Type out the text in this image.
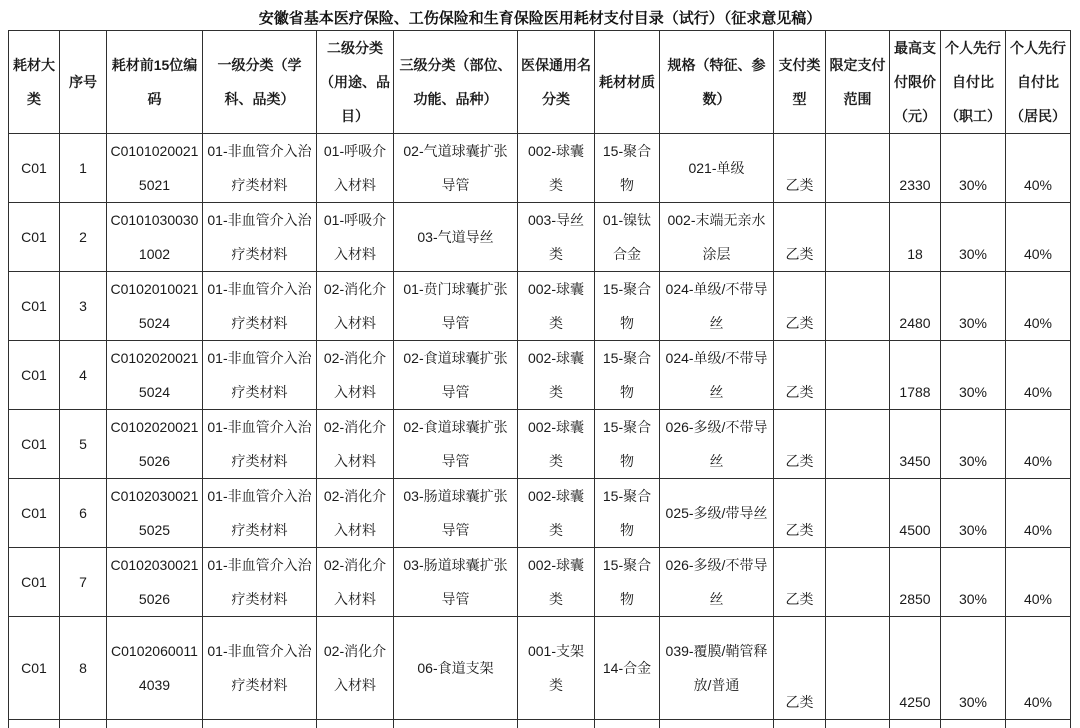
安徽省基本医疗保险、工伤保险和生育保险医用耗材支付目录（试行）（征求意见稿）
耗材大类	序号	耗材前15位编码	一级分类（学科、品类）	二级分类（用途、品目）	三级分类（部位、功能、品种）	医保通用名分类	耗材材质	规格（特征、参数）	支付类型	限定支付范围	最高支付限价（元）	个人先行自付比（职工）	个人先行自付比（居民）
C01	1	C01010200215021	01-非血管介入治疗类材料	01-呼吸介入材料	02-气道球囊扩张导管	002-球囊类	15-聚合物	021-单级	乙类		2330	30%	40%
C01	2	C01010300301002	01-非血管介入治疗类材料	01-呼吸介入材料	03-气道导丝	003-导丝类	01-镍钛合金	002-末端无亲水涂层	乙类		18	30%	40%
C01	3	C01020100215024	01-非血管介入治疗类材料	02-消化介入材料	01-贲门球囊扩张导管	002-球囊类	15-聚合物	024-单级/不带导丝	乙类		2480	30%	40%
C01	4	C01020200215024	01-非血管介入治疗类材料	02-消化介入材料	02-食道球囊扩张导管	002-球囊类	15-聚合物	024-单级/不带导丝	乙类		1788	30%	40%
C01	5	C01020200215026	01-非血管介入治疗类材料	02-消化介入材料	02-食道球囊扩张导管	002-球囊类	15-聚合物	026-多级/不带导丝	乙类		3450	30%	40%
C01	6	C01020300215025	01-非血管介入治疗类材料	02-消化介入材料	03-肠道球囊扩张导管	002-球囊类	15-聚合物	025-多级/带导丝	乙类		4500	30%	40%
C01	7	C01020300215026	01-非血管介入治疗类材料	02-消化介入材料	03-肠道球囊扩张导管	002-球囊类	15-聚合物	026-多级/不带导丝	乙类		2850	30%	40%
C01	8	C01020600114039	01-非血管介入治疗类材料	02-消化介入材料	06-食道支架	001-支架类	14-合金	039-覆膜/鞘管释放/普通	乙类		4250	30%	40%
